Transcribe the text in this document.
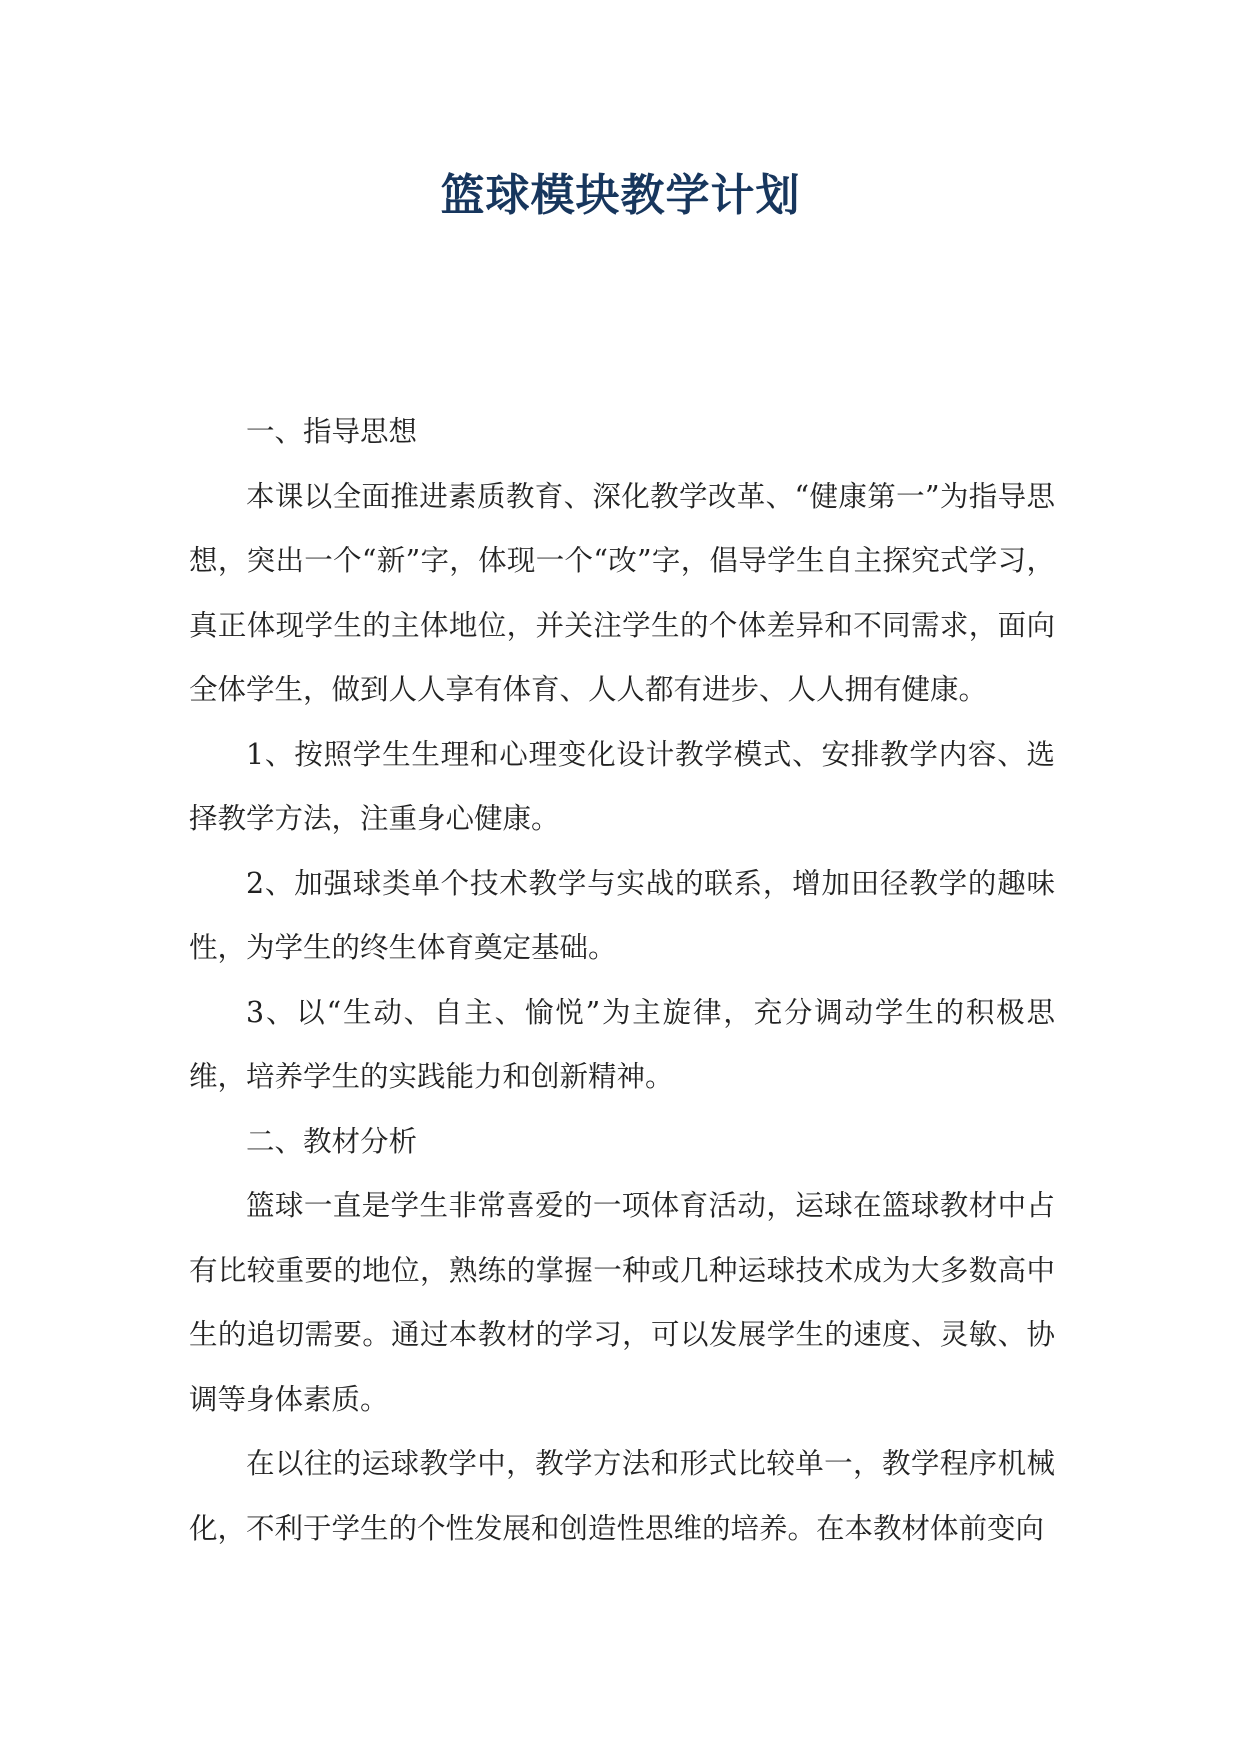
篮球模块教学计划

一、指导思想

本课以全面推进素质教育、深化教学改革、“健康第一”为指导思想，突出一个“新”字，体现一个“改”字，倡导学生自主探究式学习，真正体现学生的主体地位，并关注学生的个体差异和不同需求，面向全体学生，做到人人享有体育、人人都有进步、人人拥有健康。

1、按照学生生理和心理变化设计教学模式、安排教学内容、选择教学方法，注重身心健康。

2、加强球类单个技术教学与实战的联系，增加田径教学的趣味性，为学生的终生体育奠定基础。

3、以“生动、自主、愉悦”为主旋律，充分调动学生的积极思维，培养学生的实践能力和创新精神。

二、教材分析

篮球一直是学生非常喜爱的一项体育活动，运球在篮球教材中占有比较重要的地位，熟练的掌握一种或几种运球技术成为大多数高中生的追切需要。通过本教材的学习，可以发展学生的速度、灵敏、协调等身体素质。

在以往的运球教学中，教学方法和形式比较单一，教学程序机械化，不利于学生的个性发展和创造性思维的培养。在本教材体前变向
